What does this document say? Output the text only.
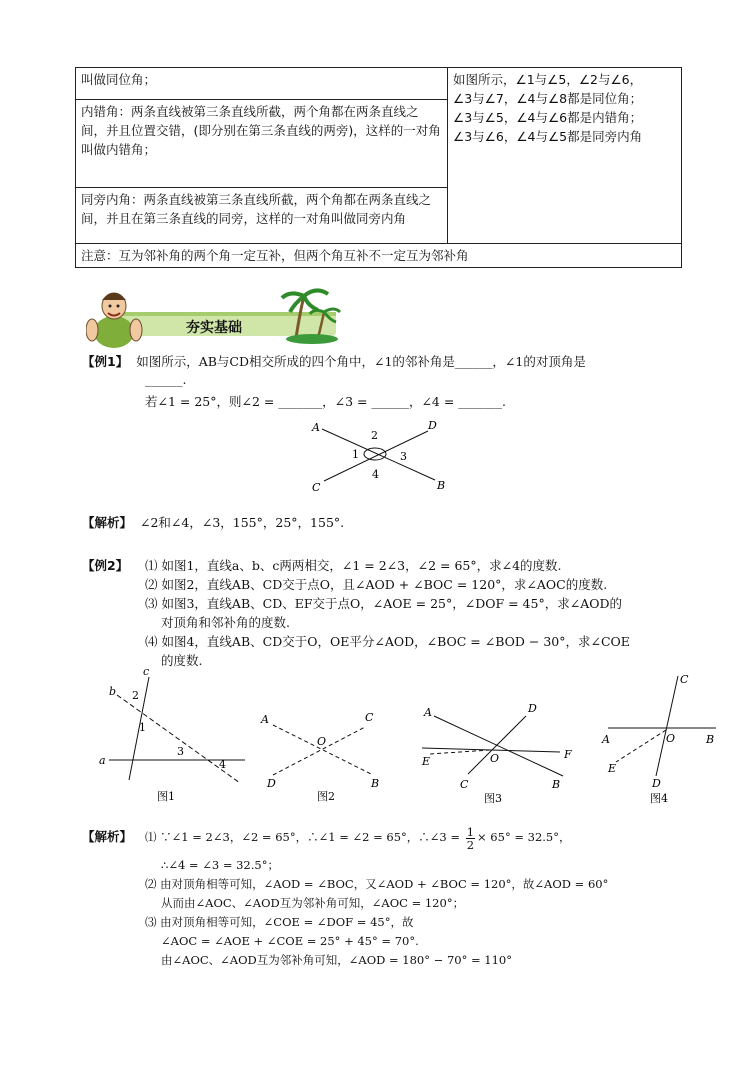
叫做同位角；	如图所示，∠1与∠5，∠2与∠6，
∠3与∠7，∠4与∠8都是同位角；
∠3与∠5，∠4与∠6都是内错角；
∠3与∠6，∠4与∠5都是同旁内角

内错角：两条直线被第三条直线所截，两个角都在两条直线之间，并且位置交错，(即分别在第三条直线的两旁)，这样的一对角叫做内错角；
同旁内角：两条直线被第三条直线所截，两个角都在两条直线之间，并且在第三条直线的同旁，这样的一对角叫做同旁内角
注意：互为邻补角的两个角一定互补，但两个角互补不一定互为邻补角
夯实基础
【例1】 如图所示，AB与CD相交所成的四个角中，∠1的邻补角是______，∠1的对顶角是
______.
若∠1 = 25°，则∠2 = _______，∠3 = ______，∠4 = _______.
A
B
C
D
1
2
3
4
【解析】 ∠2和∠4，∠3，155°，25°，155°.
【例2】 ⑴ 如图1，直线a、b、c两两相交，∠1 = 2∠3，∠2 = 65°，求∠4的度数.
⑵ 如图2，直线AB、CD交于点O，且∠AOD + ∠BOC = 120°，求∠AOC的度数.
⑶ 如图3，直线AB、CD、EF交于点O，∠AOE = 25°，∠DOF = 45°，求∠AOD的
对顶角和邻补角的度数.
⑷ 如图4，直线AB、CD交于O，OE平分∠AOD，∠BOC = ∠BOD − 30°，求∠COE
的度数.
c
b
a
2
1
3
4
图1
A
B
C
D
O
图2
A
B
C
D
E
F
O
图3
A	B
C
D
E
O
图4
【解析】 ⑴ ∵∠1 = 2∠3，∠2 = 65°，∴∠1 = ∠2 = 65°，∴∠3 = $\frac{1}{2} \times 65^\circ = 32.5^\circ$，
∴∠4 = ∠3 = 32.5°；
⑵ 由对顶角相等可知，∠AOD = ∠BOC，又∠AOD + ∠BOC = 120°，故∠AOD = 60°
从而由∠AOC、∠AOD互为邻补角可知，∠AOC = 120°；
⑶ 由对顶角相等可知，∠COE = ∠DOF = 45°，故
∠AOC = ∠AOE + ∠COE = 25° + 45° = 70°.
由∠AOC、∠AOD互为邻补角可知，∠AOD = 180° − 70° = 110°
